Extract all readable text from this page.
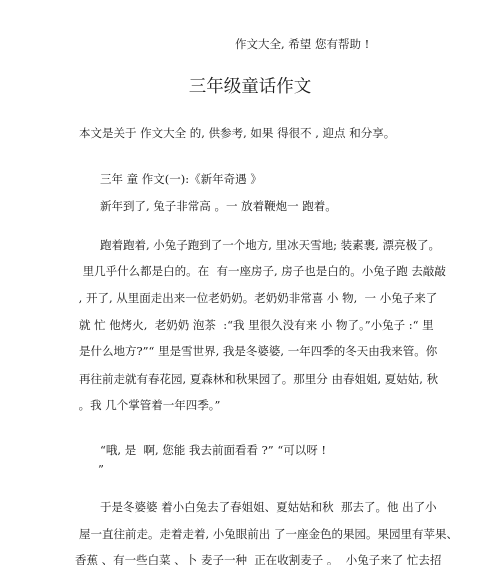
作文大全, 希望 您有帮助 !
三年级童话作文
本文是关于 作文大全 的, 供参考, 如果 得很不 , 迎点 和分享。
三年 童 作文(一):《新年奇遇 》
新年到了, 兔子非常高 。一 放着鞭炮一 跑着。
跑着跑着, 小兔子跑到了一个地方, 里冰天雪地; 装素裹, 漂亮极了。
里几乎什么都是白的。在  有一座房子, 房子也是白的。小兔子跑 去敲敲
, 开了, 从里面走出来一位老奶奶。老奶奶非常喜 小 物,  一 小兔子来了
就 忙 他烤火,  老奶奶 泡茶  :“我 里很久没有来 小 物了。”小兔子 :“ 里
是什么地方?”“ 里是雪世界, 我是冬婆婆, 一年四季的冬天由我来管。你
再往前走就有春花园, 夏森林和秋果园了。那里分 由春姐姐, 夏姑姑, 秋
。我 几个掌管着一年四季。”
“哦, 是  啊, 您能 我去前面看看 ?” “可以呀 !
”
于是冬婆婆 着小白兔去了春姐姐、夏姑姑和秋  那去了。他 出了小
屋一直往前走。走着走着, 小兔眼前出 了一座金色的果园。果园里有苹果、
香蕉 、有一些白菜 、卜 麦子一种  正在收割麦子 。  小兔子来了 忙去招
